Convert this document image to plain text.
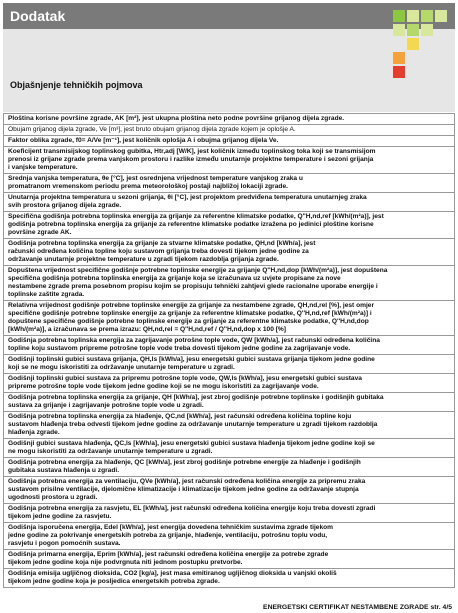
Dodatak
Objašnjenje tehničkih pojmova
Ploština korisne površine zgrade, AK [m²], jest ukupna ploština neto podne površine grijanog dijela zgrade.
Obujam grijanog dijela zgrade, Ve [m³], jest bruto obujam grijanog dijela zgrade kojem je oplošje A.
Faktor oblika zgrade, f0= A/Ve [m⁻¹], jest količnik oplošja A i obujma grijanog dijela Ve.
Koeficijent transmisijskog toplinskog gubitka, Htr,adj [W/K], jest količnik između toplinskog toka koji se transmisijom
prenosi iz grijane zgrade prema vanjskom prostoru i razlike između unutarnje projektne temperature i sezoni grijanja
i vanjske temperature.
Srednja vanjska temperatura, θe [°C], jest osrednjena vrijednost temperature vanjskog zraka u
promatranom vremenskom periodu prema meteorološkoj postaji najbližoj lokaciji zgrade.
Unutarnja projektna temperatura u sezoni grijanja, θi [°C], jest projektom predviđena temperatura unutarnjeg zraka
svih prostora grijanog dijela zgrade.
Specifična godišnja potrebna toplinska energija za grijanje za referentne klimatske podatke, Q''H,nd,ref [kWh/(m²a)], jest
godišnja potrebna toplinska energija za grijanje za referentne klimatske podatke izražena po jedinici ploštine korisne
površine zgrade AK.
Godišnja potrebna toplinska energija za grijanje za stvarne klimatske podatke, QH,nd [kWh/a], jest
računski određena količina topline koju sustavom grijanja treba dovesti tijekom jedne godine za
održavanje unutarnje projektne temperature u zgradi tijekom razdoblja grijanja zgrade.
Dopuštena vrijednost specifične godišnje potrebne toplinske energije za grijanje Q''H,nd,dop [kWh/(m²a)], jest dopuštena
specifična godišnja potrebna toplinska energija za grijanje koja se izračunava uz uvjete propisane za nove
nestambene zgrade prema posebnom propisu kojim se propisuju tehnički zahtjevi glede racionalne uporabe energije i
toplinske zaštite zgrada.
Relativna vrijednost godišnje potrebne toplinske energije za grijanje za nestambene zgrade, QH,nd,rel [%], jest omjer
specifične godišnje potrebne toplinske energije za grijanje za referentne klimatske podatke, Q''H,nd,ref [kWh/(m²a)] i
dopuštene specifične godišnje potrebne toplinske energije za grijanje za referentne klimatske podatke, Q''H,nd,dop
[kWh/(m²a)], a izračunava se prema izrazu: QH,nd,rel = Q''H,nd,ref / Q''H,nd,dop x 100 [%]
Godišnja potrebna toplinska energija za zagrijavanje potrošne tople vode, QW [kWh/a], jest računski određena količina
topline koju sustavom pripreme potrošne tople vode treba dovesti tijekom jedne godine za zagrijavanje vode.
Godišnji toplinski gubici sustava grijanja, QH,ls [kWh/a], jesu energetski gubici sustava grijanja tijekom jedne godine
koji se ne mogu iskoristiti za održavanje unutarnje temperature u zgradi.
Godišnji toplinski gubici sustava za pripremu potrošne tople vode, QW,ls [kWh/a], jesu energetski gubici sustava
pripreme potrošne tople vode tijekom jedne godine koji se ne mogu iskoristiti za zagrijavanje vode.
Godišnja potrebna toplinska energija za grijanje, QH [kWh/a], jest zbroj godišnje potrebne toplinske i godišnjih gubitaka
sustava za grijanje i zagrijavanje potrošne tople vode u zgradi.
Godišnja potrebna toplinska energija za hlađenje, QC,nd [kWh/a], jest računski određena količina topline koju
sustavom hlađenja treba odvesti tijekom jedne godine za održavanje unutarnje temperature u zgradi tijekom razdoblja
hlađenja zgrade.
Godišnji gubici sustava hlađenja, QC,ls [kWh/a], jesu energetski gubici sustava hlađenja tijekom jedne godine koji se
ne mogu iskoristiti za održavanje unutarnje temperature u zgradi.
Godišnja potrebna energija za hlađenje, QC [kWh/a], jest zbroj godišnje potrebne energije za hlađenje i godišnjih
gubitaka sustava hlađenja u zgradi.
Godišnja potrebna energija za ventilaciju, QVe [kWh/a], jest računski određena količina energije za pripremu zraka
sustavom prisilne ventilacije, djelomične klimatizacije i klimatizacije tijekom jedne godine za održavanje stupnja
ugodnosti prostora u zgradi.
Godišnja potrebna energija za rasvjetu, EL [kWh/a], jest računski određena količina energije koju treba dovesti zgradi
tijekom jedne godine za rasvjetu.
Godišnja isporučena energija, Edel [kWh/a], jest energija dovedena tehničkim sustavima zgrade tijekom
jedne godine za pokrivanje energetskih potreba za grijanje, hlađenje, ventilaciju, potrošnu toplu vodu,
rasvjetu i pogon pomoćnih sustava.
Godišnja primarna energija, Eprim [kWh/a], jest računski određena količina energije za potrebe zgrade
tijekom jedne godine koja nije podvrgnuta niti jednom postupku pretvorbe.
Godišnja emisija ugljičnog dioksida, CO2 [kg/a], jest masa emitiranog ugljičnog dioksida u vanjski okoliš
tijekom jedne godine koja je posljedica energetskih potreba zgrade.
ENERGETSKI CERTIFIKAT NESTAMBENE ZGRADE str. 4/5
